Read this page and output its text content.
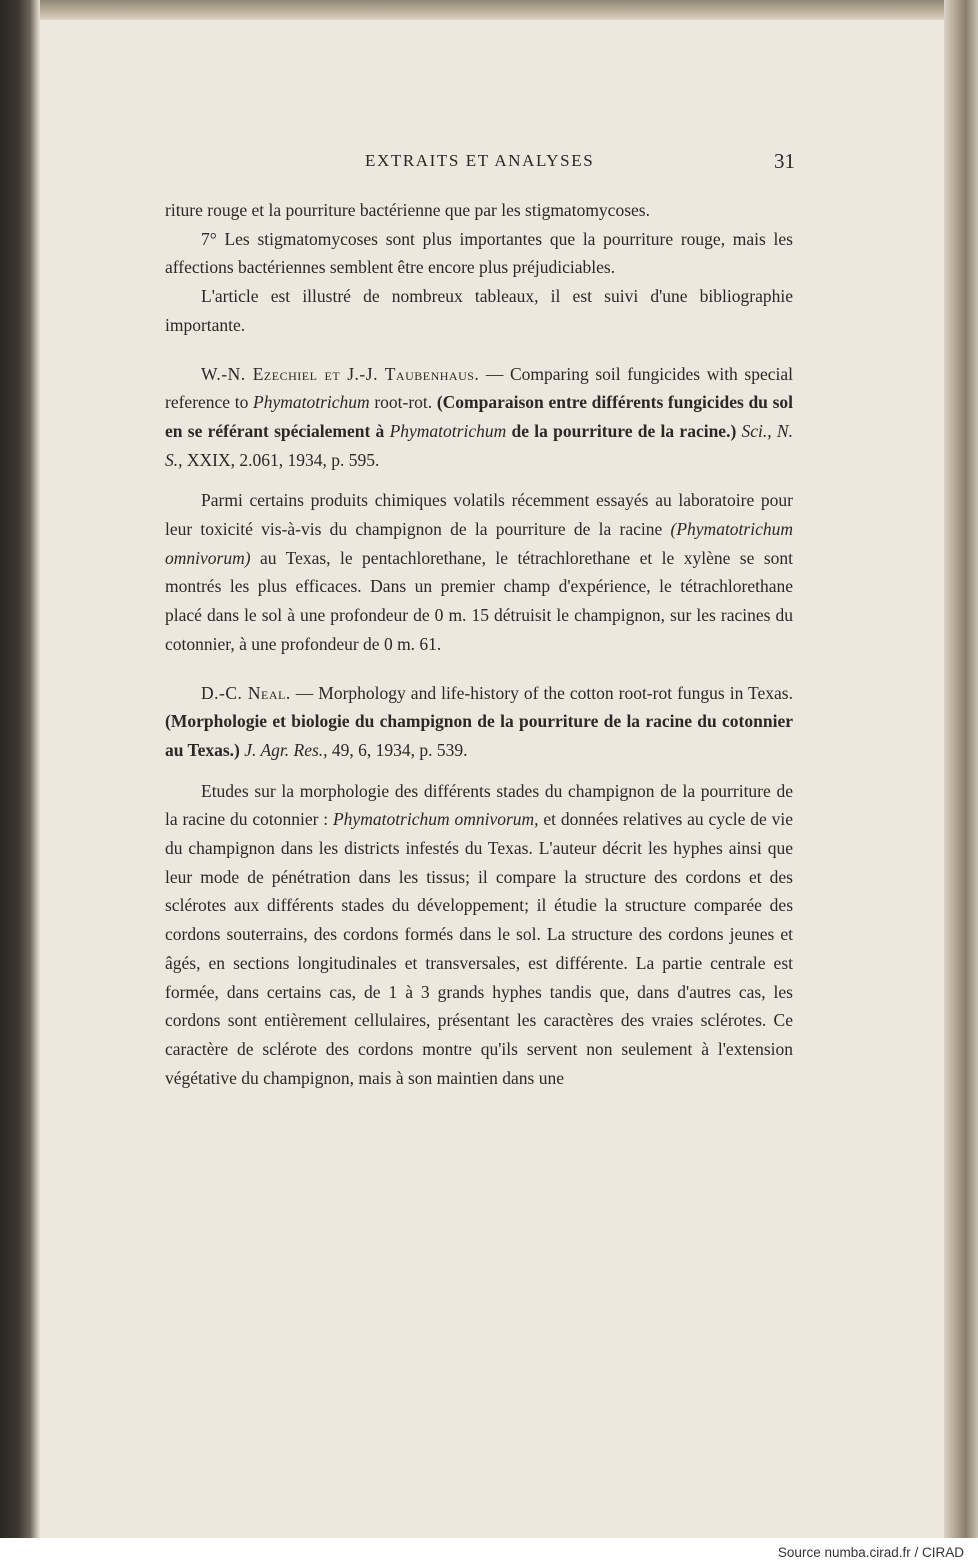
EXTRAITS ET ANALYSES	31

riture rouge et la pourriture bactérienne que par les stigmatomycoses.

7° Les stigmatomycoses sont plus importantes que la pourriture rouge, mais les affections bactériennes semblent être encore plus préjudiciables.

L'article est illustré de nombreux tableaux, il est suivi d'une bibliographie importante.

W.-N. Ezechiel et J.-J. Taubenhaus. — Comparing soil fungicides with special reference to Phymatotrichum root-rot. (Comparaison entre différents fungicides du sol en se référant spécialement à Phymatotrichum de la pourriture de la racine.) Sci., N. S., XXIX, 2.061, 1934, p. 595.

Parmi certains produits chimiques volatils récemment essayés au laboratoire pour leur toxicité vis-à-vis du champignon de la pourriture de la racine (Phymatotrichum omnivorum) au Texas, le pentachlorethane, le tétrachlorethane et le xylène se sont montrés les plus efficaces. Dans un premier champ d'expérience, le tétrachlorethane placé dans le sol à une profondeur de 0 m. 15 détruisit le champignon, sur les racines du cotonnier, à une profondeur de 0 m. 61.

D.-C. Neal. — Morphology and life-history of the cotton root-rot fungus in Texas. (Morphologie et biologie du champignon de la pourriture de la racine du cotonnier au Texas.) J. Agr. Res., 49, 6, 1934, p. 539.

Etudes sur la morphologie des différents stades du champignon de la pourriture de la racine du cotonnier : Phymatotrichum omnivorum, et données relatives au cycle de vie du champignon dans les districts infestés du Texas. L'auteur décrit les hyphes ainsi que leur mode de pénétration dans les tissus; il compare la structure des cordons et des sclérotes aux différents stades du développement; il étudie la structure comparée des cordons souterrains, des cordons formés dans le sol. La structure des cordons jeunes et âgés, en sections longitudinales et transversales, est différente. La partie centrale est formée, dans certains cas, de 1 à 3 grands hyphes tandis que, dans d'autres cas, les cordons sont entièrement cellulaires, présentant les caractères des vraies sclérotes. Ce caractère de sclérote des cordons montre qu'ils servent non seulement à l'extension végétative du champignon, mais à son maintien dans une

Source numba.cirad.fr / CIRAD
